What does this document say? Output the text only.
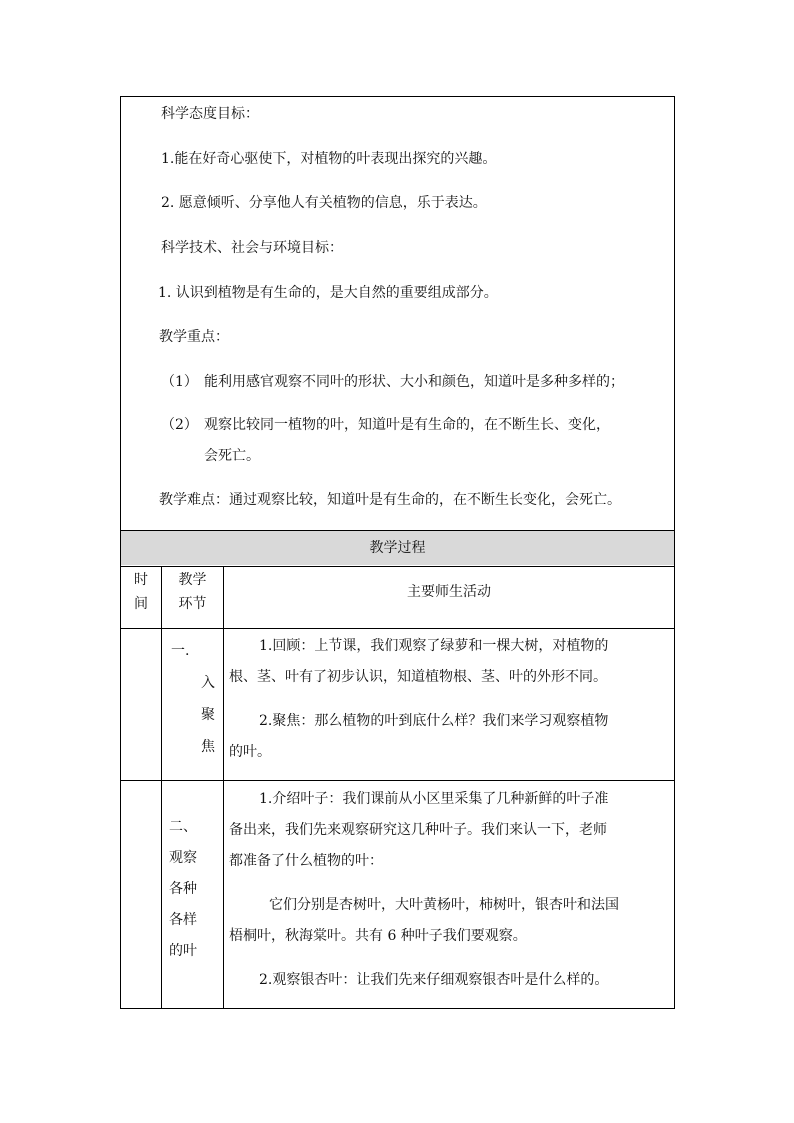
科学态度目标：
1.能在好奇心驱使下，对植物的叶表现出探究的兴趣。
2. 愿意倾听、分享他人有关植物的信息，乐于表达。
科学技术、社会与环境目标：
1. 认识到植物是有生命的，是大自然的重要组成部分。
教学重点：
（1） 能利用感官观察不同叶的形状、大小和颜色，知道叶是多种多样的；
（2） 观察比较同一植物的叶，知道叶是有生命的，在不断生长、变化，
会死亡。
教学难点：通过观察比较，知道叶是有生命的，在不断生长变化，会死亡。
教学过程
时
间
教学
环节
主要师生活动
一.
入
聚
焦
1.回顾：上节课，我们观察了绿萝和一棵大树，对植物的
根、茎、叶有了初步认识，知道植物根、茎、叶的外形不同。
2.聚焦：那么植物的叶到底什么样？我们来学习观察植物
的叶。
二、
观察
各种
各样
的叶
1.介绍叶子：我们课前从小区里采集了几种新鲜的叶子准
备出来，我们先来观察研究这几种叶子。我们来认一下，老师
都准备了什么植物的叶：
它们分别是杏树叶，大叶黄杨叶，柿树叶，银杏叶和法国
梧桐叶，秋海棠叶。共有 6 种叶子我们要观察。
2.观察银杏叶：让我们先来仔细观察银杏叶是什么样的。
